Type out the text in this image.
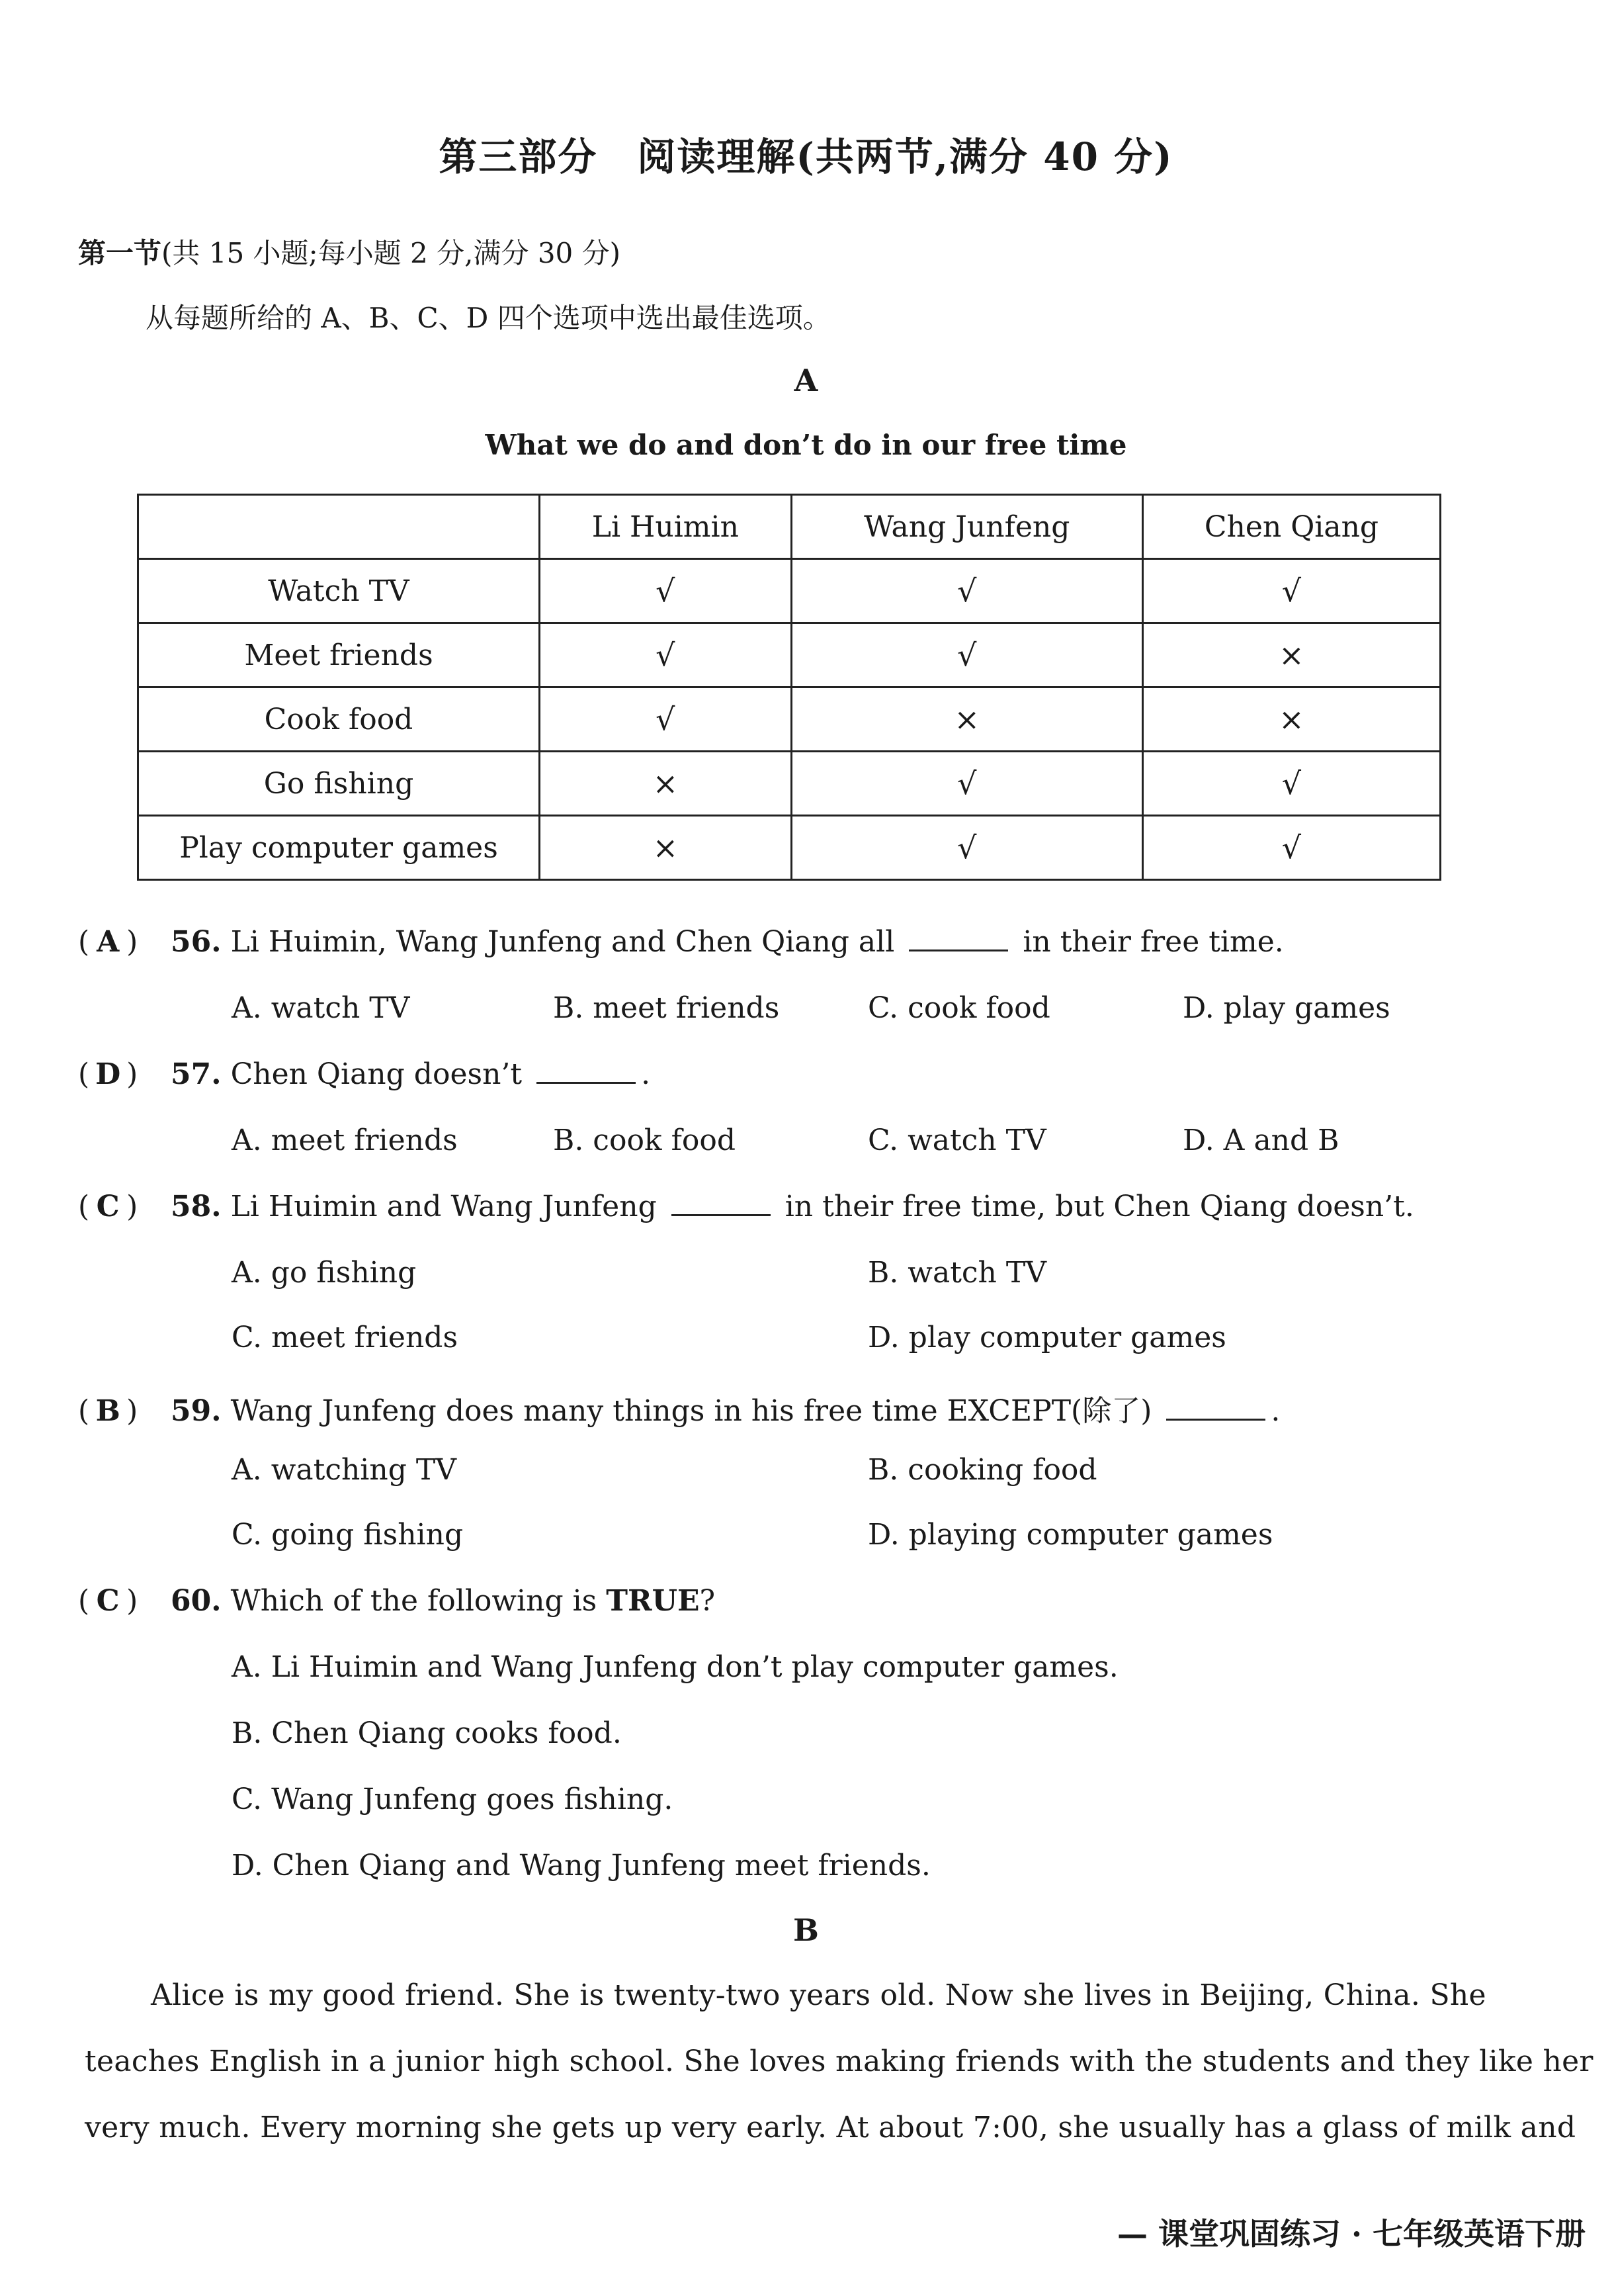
第三部分　阅读理解(共两节,满分 40 分)
第一节(共 15 小题;每小题 2 分,满分 30 分)
从每题所给的 A、B、C、D 四个选项中选出最佳选项。
A
What we do and don’t do in our free time
	Li Huimin	Wang Junfeng	Chen Qiang
Watch TV	√	√	√
Meet friends	√	√	×
Cook food	√	×	×
Go fishing	×	√	√
Play computer games	×	√	√
( A ) 56. Li Huimin, Wang Junfeng and Chen Qiang all	in their free time.
A. watch TV	B. meet friends	C. cook food	D. play games
( D ) 57. Chen Qiang doesn’t	.
A. meet friends	B. cook food	C. watch TV	D. A and B
( C ) 58. Li Huimin and Wang Junfeng	in their free time, but Chen Qiang doesn’t.
A. go fishing	B. watch TV
C. meet friends	D. play computer games
( B ) 59. Wang Junfeng does many things in his free time EXCEPT(除了)	.
A. watching TV	B. cooking food
C. going fishing	D. playing computer games
( C ) 60. Which of the following is TRUE?
A. Li Huimin and Wang Junfeng don’t play computer games.
B. Chen Qiang cooks food.
C. Wang Junfeng goes fishing.
D. Chen Qiang and Wang Junfeng meet friends.
B
Alice is my good friend. She is twenty-two years old. Now she lives in Beijing, China. She
teaches English in a junior high school. She loves making friends with the students and they like her
very much. Every morning she gets up very early. At about 7:00, she usually has a glass of milk and
— 课堂巩固练习 · 七年级英语下册
